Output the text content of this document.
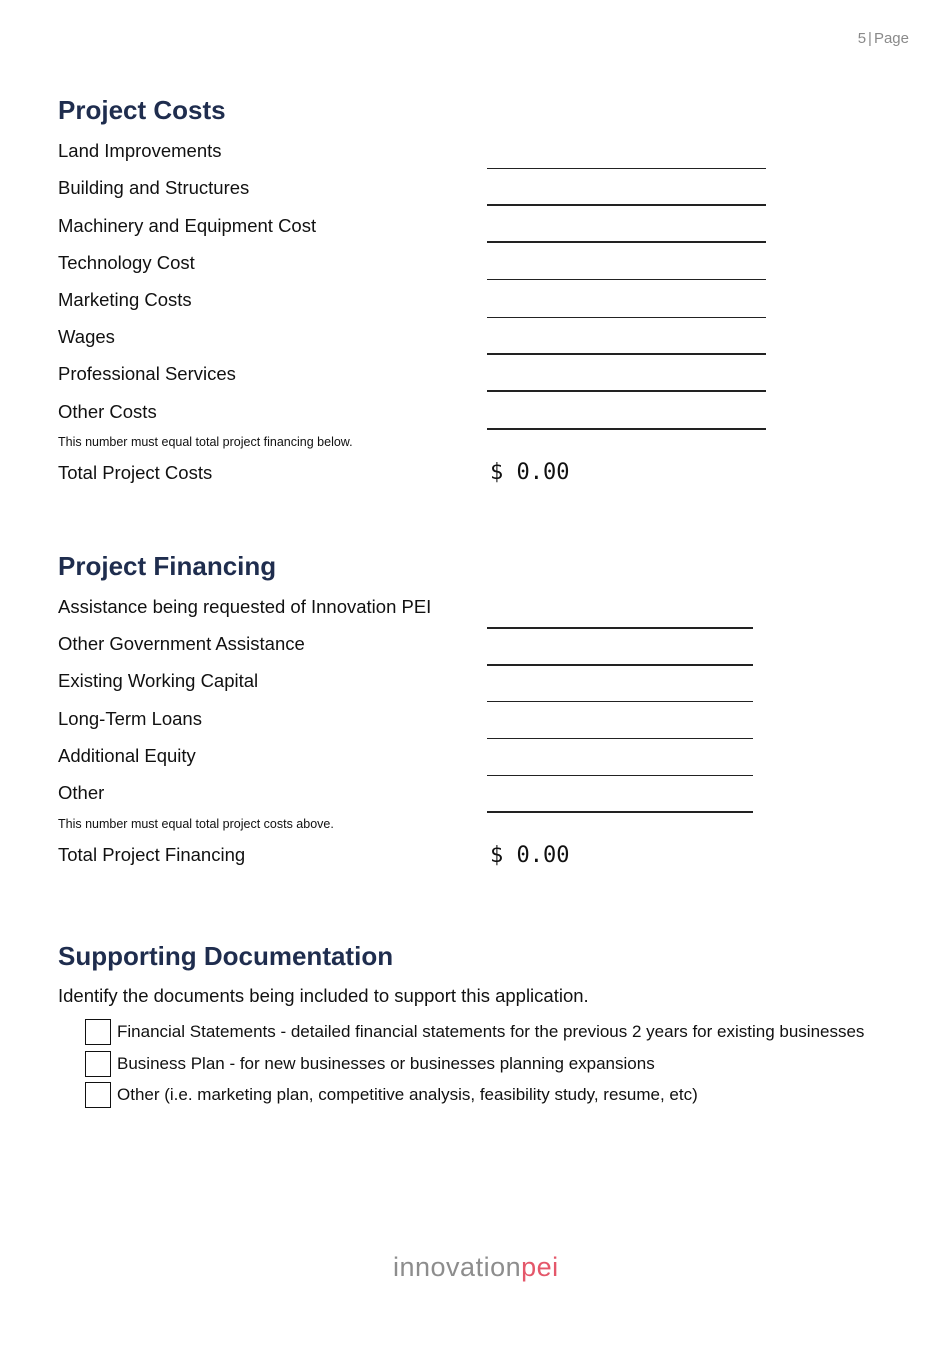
5 | Page
Project Costs
Land Improvements
Building and Structures
Machinery and Equipment Cost
Technology Cost
Marketing Costs
Wages
Professional Services
Other Costs
This number must equal total project financing below.
Total Project Costs	$ 0.00
Project Financing
Assistance being requested of Innovation PEI
Other Government Assistance
Existing Working Capital
Long-Term Loans
Additional Equity
Other
This number must equal total project costs above.
Total Project Financing	$ 0.00
Supporting Documentation
Identify the documents being included to support this application.
Financial Statements - detailed financial statements for the previous 2 years for existing businesses
Business Plan - for new businesses or businesses planning expansions
Other (i.e. marketing plan, competitive analysis, feasibility study, resume, etc)
innovationpei
